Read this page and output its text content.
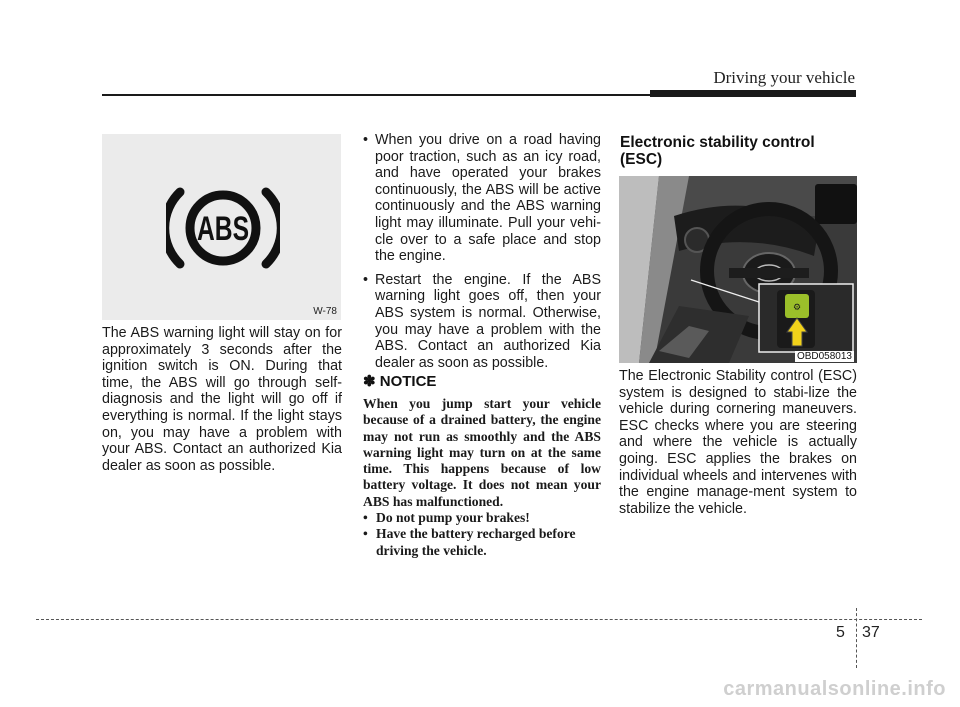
Driving your vehicle
ABS
W-78
The ABS warning light will stay on for approximately 3 seconds after the ignition switch is ON. During that time, the ABS will go through self-diagnosis and the light will go off if everything is normal. If the light stays on, you may have a problem with your ABS. Contact an authorized Kia dealer as soon as possible.
• When you drive on a road having poor traction, such as an icy road, and have operated your brakes continuously, the ABS will be active continuously and the ABS warning light may illuminate. Pull your vehi-cle over to a safe place and stop the engine.
• Restart the engine. If the ABS warning light goes off, then your ABS system is normal. Otherwise, you may have a problem with the ABS. Contact an authorized Kia dealer as soon as possible.
✽ NOTICE
When you jump start your vehicle because of a drained battery, the engine may not run as smoothly and the ABS warning light may turn on at the same time. This happens because of low battery voltage. It does not mean your ABS has malfunctioned.
• Do not pump your brakes!
• Have the battery recharged before driving the vehicle.
Electronic stability control
(ESC)
⚙
OBD058013
The Electronic Stability control (ESC) system is designed to stabi-lize the vehicle during cornering maneuvers. ESC checks where you are steering and where the vehicle is actually going. ESC applies the brakes on individual wheels and intervenes with the engine manage-ment system to stabilize the vehicle.
5 37
carmanualsonline.info
